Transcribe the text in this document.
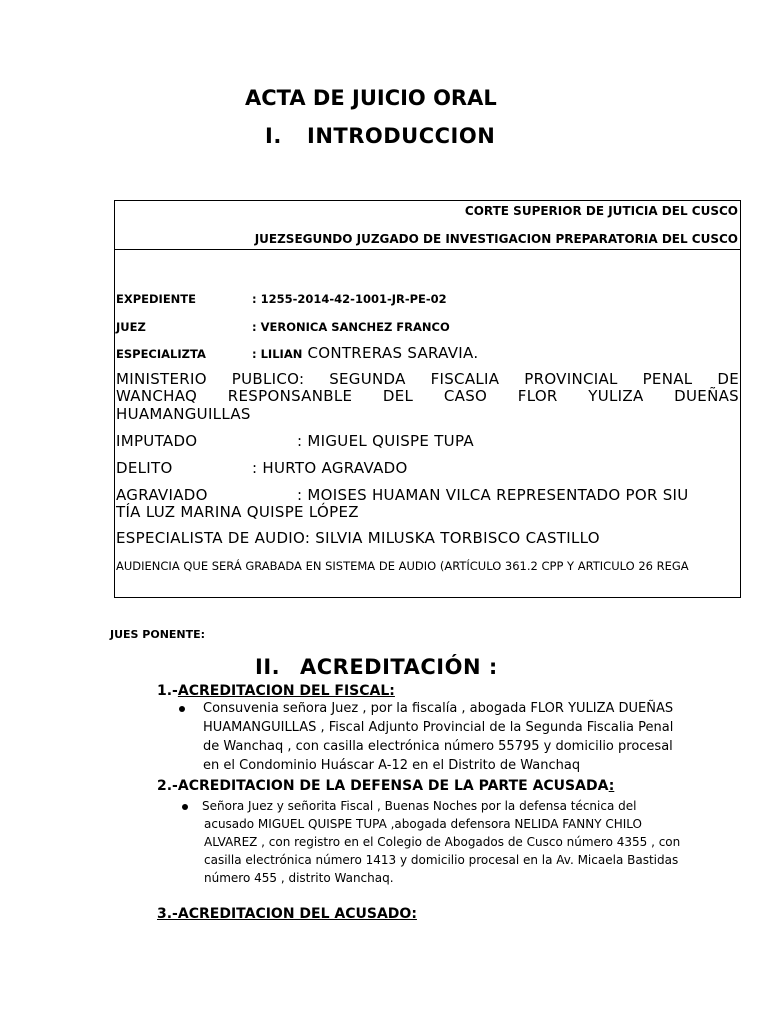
ACTA DE JUICIO ORAL
I. INTRODUCCION
CORTE SUPERIOR DE JUTICIA DEL CUSCO
JUEZSEGUNDO JUZGADO DE INVESTIGACION PREPARATORIA DEL CUSCO
EXPEDIENTE	: 1255-2014-42-1001-JR-PE-02
JUEZ	: VERONICA SANCHEZ FRANCO
ESPECIALIZTA	: LILIAN CONTRERAS SARAVIA.
MINISTERIO PUBLICO: SEGUNDA FISCALIA PROVINCIAL PENAL DE
WANCHAQ RESPONSANBLE DEL CASO FLOR YULIZA DUEÑAS
HUAMANGUILLAS
IMPUTADO	: MIGUEL QUISPE TUPA
DELITO	: HURTO AGRAVADO
AGRAVIADO	: MOISES HUAMAN VILCA REPRESENTADO POR SIU
TÍA LUZ MARINA QUISPE LÓPEZ
ESPECIALISTA DE AUDIO: SILVIA MILUSKA TORBISCO CASTILLO
AUDIENCIA QUE SERÁ GRABADA EN SISTEMA DE AUDIO (ARTÍCULO 361.2 CPP Y ARTICULO 26 REGA
JUES PONENTE:
II. ACREDITACIÓN :
1.-ACREDITACION DEL FISCAL:
Consuvenia señora Juez , por la fiscalía , abogada FLOR YULIZA DUEÑAS
HUAMANGUILLAS , Fiscal Adjunto Provincial de la Segunda Fiscalia Penal
de Wanchaq , con casilla electrónica número 55795 y domicilio procesal
en el Condominio Huáscar A-12 en el Distrito de Wanchaq
2.-ACREDITACION DE LA DEFENSA DE LA PARTE ACUSADA:
Señora Juez y señorita Fiscal , Buenas Noches por la defensa técnica del
acusado MIGUEL QUISPE TUPA ,abogada defensora NELIDA FANNY CHILO
ALVAREZ , con registro en el Colegio de Abogados de Cusco número 4355 , con
casilla electrónica número 1413 y domicilio procesal en la Av. Micaela Bastidas
número 455 , distrito Wanchaq.
3.-ACREDITACION DEL ACUSADO:
